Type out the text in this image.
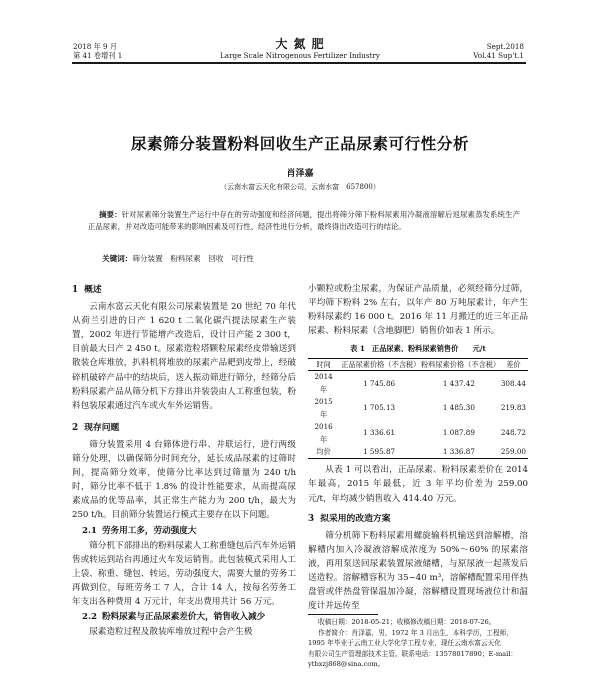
2018 年 9 月
第 41 卷增刊 1
大 氮 肥
Large Scale Nitrogenous Fertilizer Industry
Sept.2018
Vol.41 Sup't.1
尿素筛分装置粉料回收生产正品尿素可行性分析
肖泽嘉
（云南水富云天化有限公司，云南水富　657800）
摘要：针对尿素筛分装置生产运行中存在的劳动强度和经济问题，提出将筛分筛下粉料尿素用冷凝液溶解后返尿素蒸发系统生产正品尿素，并对改造可能带来的影响因素及可行性、经济性进行分析，最终得出改造可行的结论。
关键词：筛分装置　 粉料尿素　 回收　 可行性
1 概述

云南水富云天化有限公司尿素装置是 20 世纪 70 年代从荷兰引进的日产 1 620 t 二氧化碳汽提法尿素生产装置，2002 年进行节能增产改造后，设计日产能 2 300 t，目前最大日产 2 450 t。尿素造粒塔颗粒尿素经皮带输送到散装仓库堆放，扒料机将堆放的尿素产品耙到皮带上，经破碎机破碎产品中的结块后，送入振动筛进行筛分，经筛分后粉料尿素产品从筛分机下方排出并装袋由人工称重包装，粉料包装尿素通过汽车或火车外运销售。

2 现存问题

筛分装置采用 4 台筛体进行串、并联运行，进行两级筛分处理，以确保筛分时间充分，延长成品尿素的过筛时间，提高筛分效率，使筛分比率达到过筛量为 240 t/h 时，筛分比率不低于 1.8% 的设计性能要求，从而提高尿素成品的优等品率，其正常生产能力为 200 t/h，最大为 250 t/h。目前筛分装置运行模式主要存在以下问题。

2.1 劳务用工多，劳动强度大

筛分机下部排出的粉料尿素人工称重缝包后汽车外运销售或转运到站台再通过火车发运销售。此包装模式采用人工上袋、称重、缝包、转运，劳动强度大，需要大量的劳务工再做到位，每班劳务工 7 人，合计 14 人，按每名劳务工年支出各种费用 4 万元计，年支出费用共计 56 万元。

2.2 粉料尿素与正品尿素差价大，销售收入减少

尿素造粒过程及散装库堆放过程中会产生极

小颗粒或粉尘尿素，为保证产品质量，必须经筛分过筛，平均筛下粉料 2% 左右，以年产 80 万吨尿素计，年产生粉料尿素约 16 000 t。2016 年 11 月搬迁的近三年正品尿素、粉料尿素（含地脚肥）销售价如表 1 所示。

表 1　正品尿素、粉料尿素销售价　　元/t
时间	正品尿素价格（不含税）	粉料尿素价格（不含税）	差价
2014 年	1 745.86	1 437.42	308.44
2015 年	1 705.13	1 485.30	219.83
2016 年	1 336.61	1 087.89	248.72
均价	1 595.87	1 336.87	259.00

从表 1 可以看出，正品尿素、粉料尿素差价在 2014 年最高，2015 年最低，近 3 年平均价差为 259.00 元/t，年均减少销售收入 414.40 万元。

3 拟采用的改造方案

筛分机筛下粉料尿素用螺旋输料机输送到溶解槽，溶解槽内加入冷凝液溶解成浓度为 50%～60% 的尿素溶液，再用泵送回尿素装置尿液储槽，与原尿液一起蒸发后送造粒。溶解槽容积为 35~40 m³，溶解槽配置采用伴热盘管或伴热盘管保温加冷凝，溶解槽设置现场液位计和温度计并远传至

收稿日期：2018-05-21；收稿修改稿日期：2018-07-26。
作者简介：肖泽嘉，男，1972 年 3 月出生，本科学历，工程师，
1995 年毕业于云南工业大学化学工程专业，现任云南水富云天化
有限公司生产管理部技术主管。联系电话：13578017890；E-mail：
ytbxzj868@sina.com。
